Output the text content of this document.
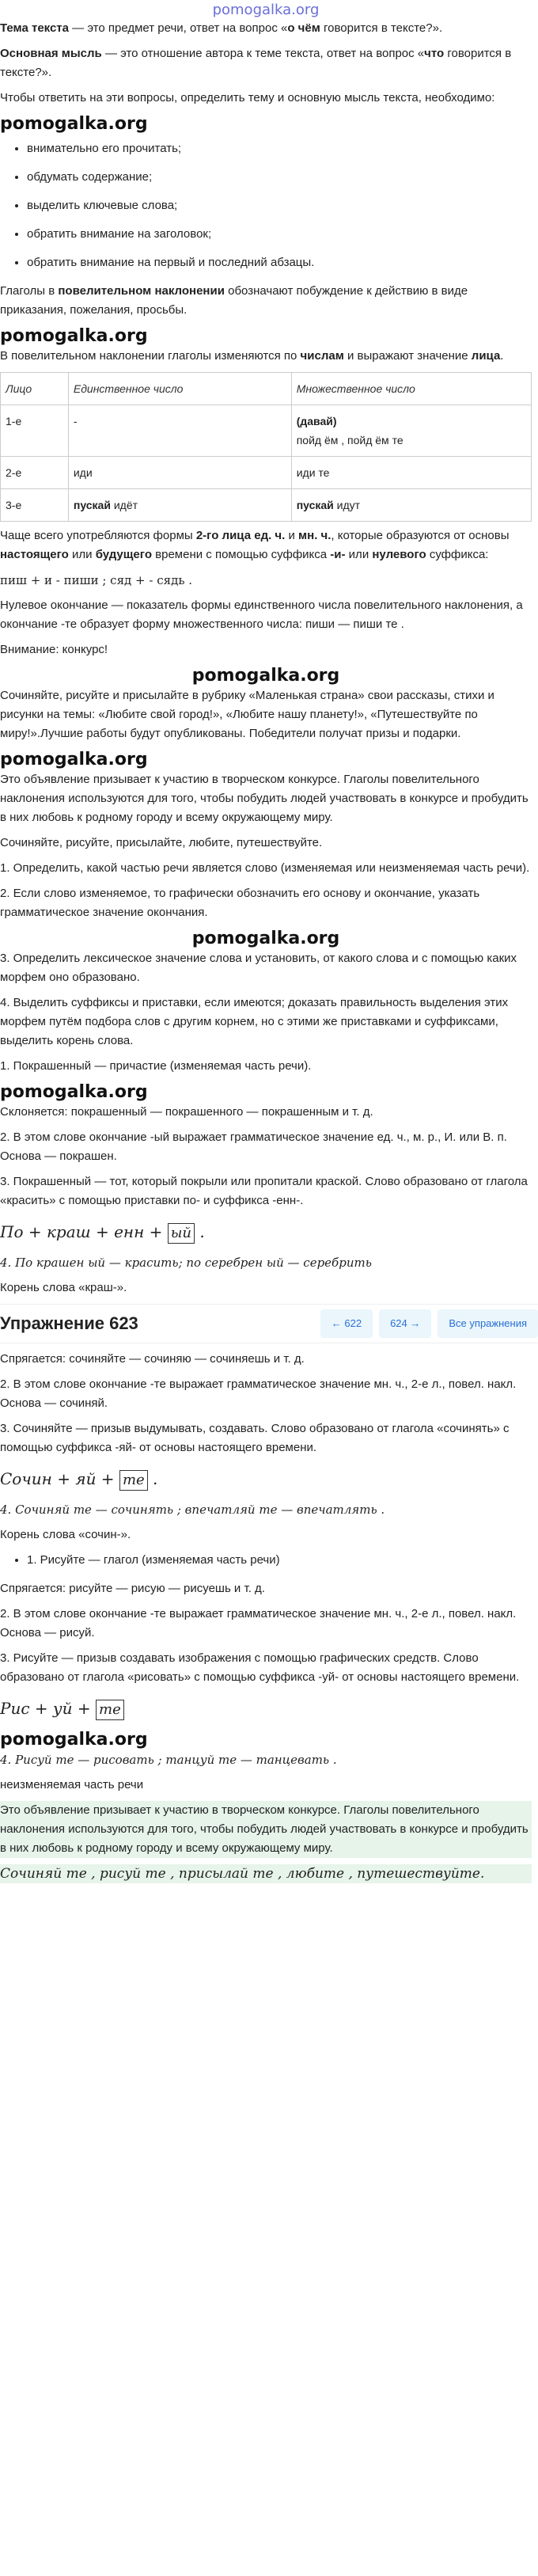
pomogalka.org
Тема текста — это предмет речи, ответ на вопрос «о чём говорится в тексте?».
Основная мысль — это отношение автора к теме текста, ответ на вопрос «что говорится в тексте?».
Чтобы ответить на эти вопросы, определить тему и основную мысль текста, необходимо:
pomogalka.org
• внимательно его прочитать;
• обдумать содержание;
• выделить ключевые слова;
• обратить внимание на заголовок;
• обратить внимание на первый и последний абзацы.
Глаголы в повелительном наклонении обозначают побуждение к действию в виде приказания, пожелания, просьбы.
pomogalka.org
В повелительном наклонении глаголы изменяются по числам и выражают значение лица.
Лицо	Единственное число	Множественное число
1-е	-	(давай)
пойд ём , пойд ём те
2-е	иди	иди те
3-е	пускай идёт	пускай идут
Чаще всего употребляются формы 2-го лица ед. ч. и мн. ч., которые образуются от основы настоящего или будущего времени с помощью суффикса -и- или нулевого суффикса:
пиш + и - пиши ; сяд + - сядь .
Нулевое окончание — показатель формы единственного числа повелительного наклонения, а окончание -те образует форму множественного числа: пиши — пиши те .
Внимание: конкурс!
pomogalka.org
Сочиняйте, рисуйте и присылайте в рубрику «Маленькая страна» свои рассказы, стихи и рисунки на темы: «Любите свой город!», «Любите нашу планету!», «Путешествуйте по миру!».Лучшие работы будут опубликованы. Победители получат призы и подарки.
pomogalka.org
Это объявление призывает к участию в творческом конкурсе. Глаголы повелительного наклонения используются для того, чтобы побудить людей участвовать в конкурсе и пробудить в них любовь к родному городу и всему окружающему миру.
Сочиняйте, рисуйте, присылайте, любите, путешествуйте.
1. Определить, какой частью речи является слово (изменяемая или неизменяемая часть речи).
2. Если слово изменяемое, то графически обозначить его основу и окончание, указать грамматическое значение окончания.
pomogalka.org
3. Определить лексическое значение слова и установить, от какого слова и с помощью каких морфем оно образовано.
4. Выделить суффиксы и приставки, если имеются; доказать правильность выделения этих морфем путём подбора слов с другим корнем, но с этими же приставками и суффиксами, выделить корень слова.
1. Покрашенный — причастие (изменяемая часть речи).
pomogalka.org
Склоняется: покрашенный — покрашенного — покрашенным и т. д.
2. В этом слове окончание -ый выражает грамматическое значение ед. ч., м. р., И. или В. п. Основа — покрашен.
3. Покрашенный — тот, который покрыли или пропитали краской. Слово образовано от глагола «красить» с помощью приставки по- и суффикса -енн-.
По + краш + енн + ый .
4. По крашен ый — красить; по серебрен ый — серебрить
Корень слова «краш-».
Упражнение 623	← 622	624 →	Все упражнения
Спрягается: сочиняйте — сочиняю — сочиняешь и т. д.
2. В этом слове окончание -те выражает грамматическое значение мн. ч., 2-е л., повел. накл. Основа — сочиняй.
3. Сочиняйте — призыв выдумывать, создавать. Слово образовано от глагола «сочинять» с помощью суффикса -яй- от основы настоящего времени.
Сочин + яй + те .
4. Сочиняй те — сочинять ; впечатляй те — впечатлять .
Корень слова «сочин-».
• 1. Рисуйте — глагол (изменяемая часть речи)
Спрягается: рисуйте — рисую — рисуешь и т. д.
2. В этом слове окончание -те выражает грамматическое значение мн. ч., 2-е л., повел. накл. Основа — рисуй.
3. Рисуйте — призыв создавать изображения с помощью графических средств. Слово образовано от глагола «рисовать» с помощью суффикса -уй- от основы настоящего времени.
Рис + уй + те
pomogalka.org
4. Рисуй те — рисовать ; танцуй те — танцевать .
неизменяемая часть речи
Это объявление призывает к участию в творческом конкурсе. Глаголы повелительного наклонения используются для того, чтобы побудить людей участвовать в конкурсе и пробудить в них любовь к родному городу и всему окружающему миру.
Сочиняй те , рисуй те , присылай те , любите , путешествуйте.
